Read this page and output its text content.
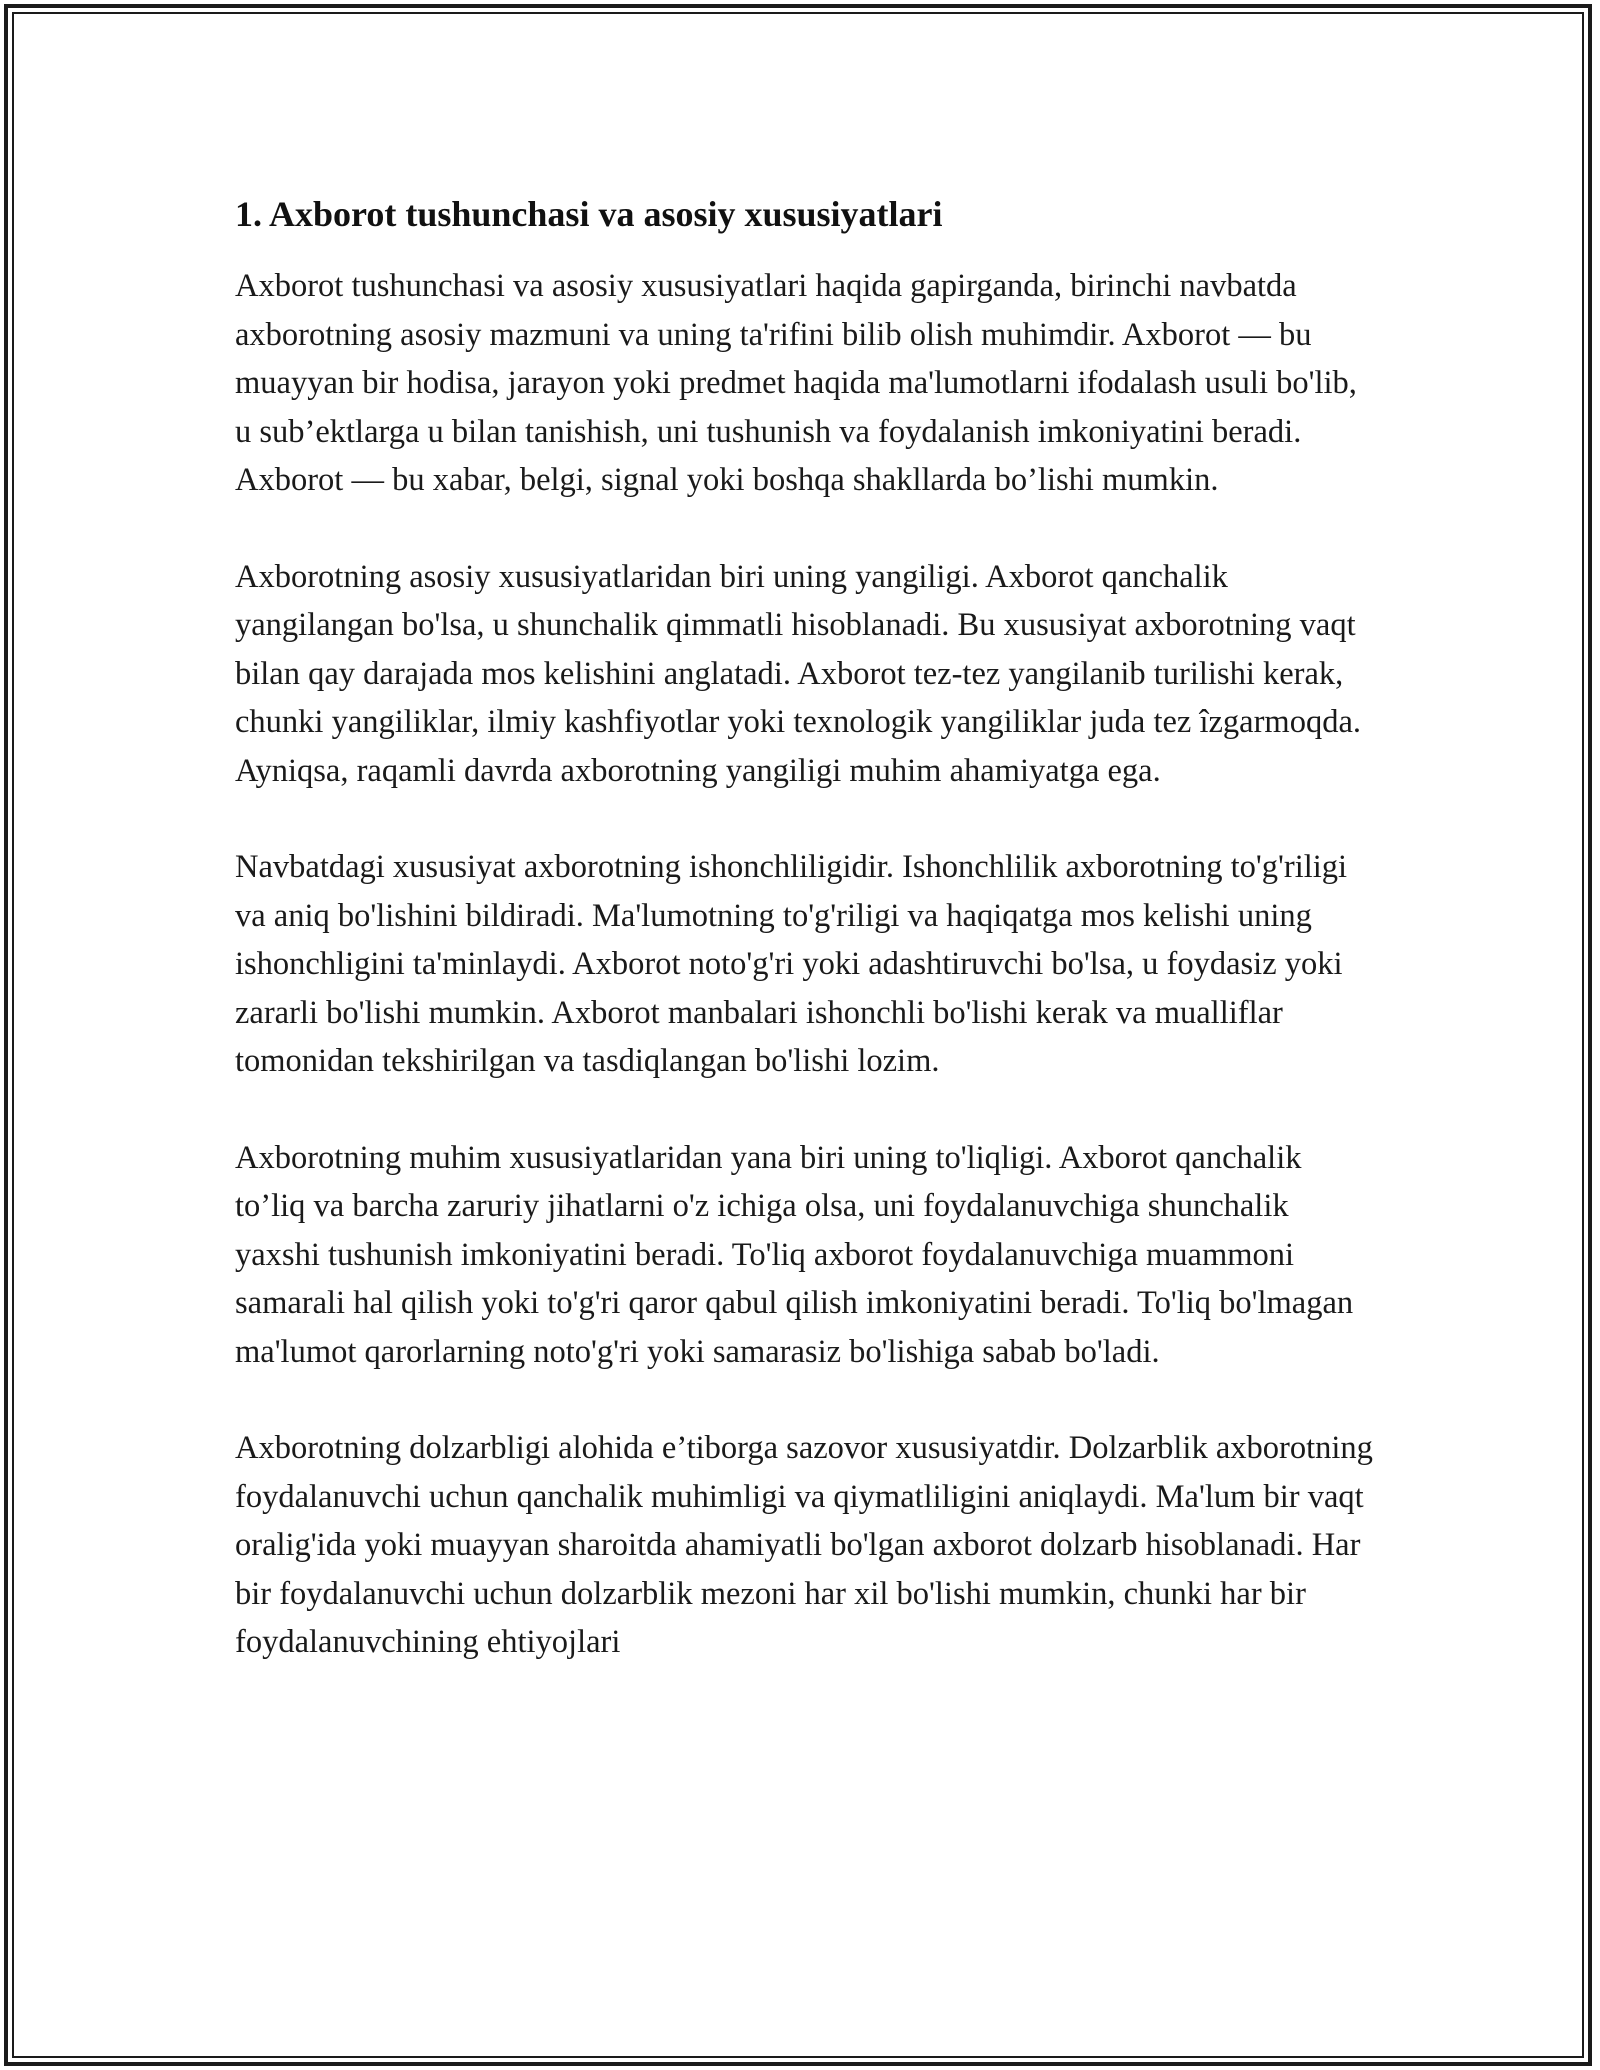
1. Axborot tushunchasi va asosiy xususiyatlari

Axborot tushunchasi va asosiy xususiyatlari haqida gapirganda, birinchi navbatda axborotning asosiy mazmuni va uning ta'rifini bilib olish muhimdir. Axborot — bu muayyan bir hodisa, jarayon yoki predmet haqida ma'lumotlarni ifodalash usuli bo'lib, u sub’ektlarga u bilan tanishish, uni tushunish va foydalanish imkoniyatini beradi. Axborot — bu xabar, belgi, signal yoki boshqa shakllarda bo’lishi mumkin.

Axborotning asosiy xususiyatlaridan biri uning yangiligi. Axborot qanchalik yangilangan bo'lsa, u shunchalik qimmatli hisoblanadi. Bu xususiyat axborotning vaqt bilan qay darajada mos kelishini anglatadi. Axborot tez-tez yangilanib turilishi kerak, chunki yangiliklar, ilmiy kashfiyotlar yoki texnologik yangiliklar juda tez îzgarmoqda. Ayniqsa, raqamli davrda axborotning yangiligi muhim ahamiyatga ega.

Navbatdagi xususiyat axborotning ishonchliligidir. Ishonchlilik axborotning to'g'riligi va aniq bo'lishini bildiradi. Ma'lumotning to'g'riligi va haqiqatga mos kelishi uning ishonchligini ta'minlaydi. Axborot noto'g'ri yoki adashtiruvchi bo'lsa, u foydasiz yoki zararli bo'lishi mumkin. Axborot manbalari ishonchli bo'lishi kerak va mualliflar tomonidan tekshirilgan va tasdiqlangan bo'lishi lozim.

Axborotning muhim xususiyatlaridan yana biri uning to'liqligi. Axborot qanchalik to’liq va barcha zaruriy jihatlarni o'z ichiga olsa, uni foydalanuvchiga shunchalik yaxshi tushunish imkoniyatini beradi. To'liq axborot foydalanuvchiga muammoni samarali hal qilish yoki to'g'ri qaror qabul qilish imkoniyatini beradi. To'liq bo'lmagan ma'lumot qarorlarning noto'g'ri yoki samarasiz bo'lishiga sabab bo'ladi.

Axborotning dolzarbligi alohida e’tiborga sazovor xususiyatdir. Dolzarblik axborotning foydalanuvchi uchun qanchalik muhimligi va qiymatliligini aniqlaydi. Ma'lum bir vaqt oralig'ida yoki muayyan sharoitda ahamiyatli bo'lgan axborot dolzarb hisoblanadi. Har bir foydalanuvchi uchun dolzarblik mezoni har xil bo'lishi mumkin, chunki har bir foydalanuvchining ehtiyojlari
